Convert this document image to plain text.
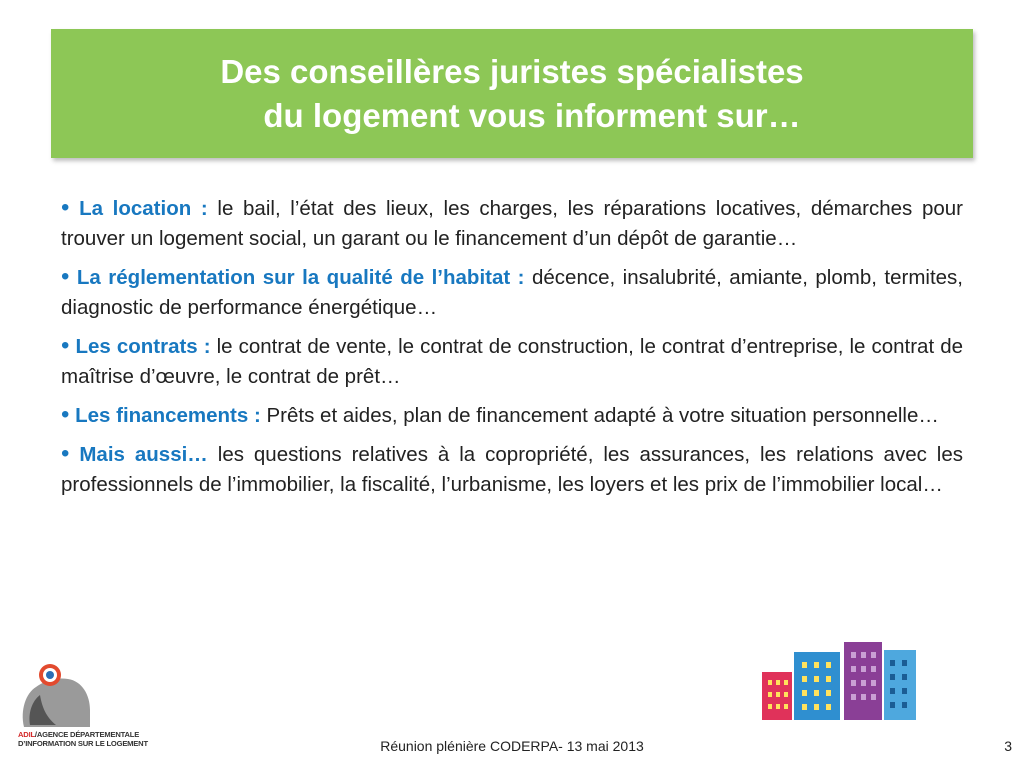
Des conseillères juristes spécialistes
du logement vous informent sur…

• La location : le bail, l’état des lieux, les charges, les réparations locatives, démarches pour trouver un logement social, un garant ou le financement d’un dépôt de garantie…

• La réglementation sur la qualité de l’habitat : décence, insalubrité, amiante, plomb, termites, diagnostic de performance énergétique…

• Les contrats : le contrat de vente, le contrat de construction, le contrat d’entreprise, le contrat de maîtrise d’œuvre, le contrat de prêt…

• Les financements : Prêts et aides, plan de financement adapté à votre situation personnelle…

• Mais aussi… les questions relatives à la copropriété, les assurances, les relations avec les professionnels de l’immobilier, la fiscalité, l’urbanisme, les loyers et les prix de l’immobilier local…

ADIL/AGENCE DÉPARTEMENTALE
D’INFORMATION SUR LE LOGEMENT	Réunion plénière CODERPA- 13 mai 2013	3
